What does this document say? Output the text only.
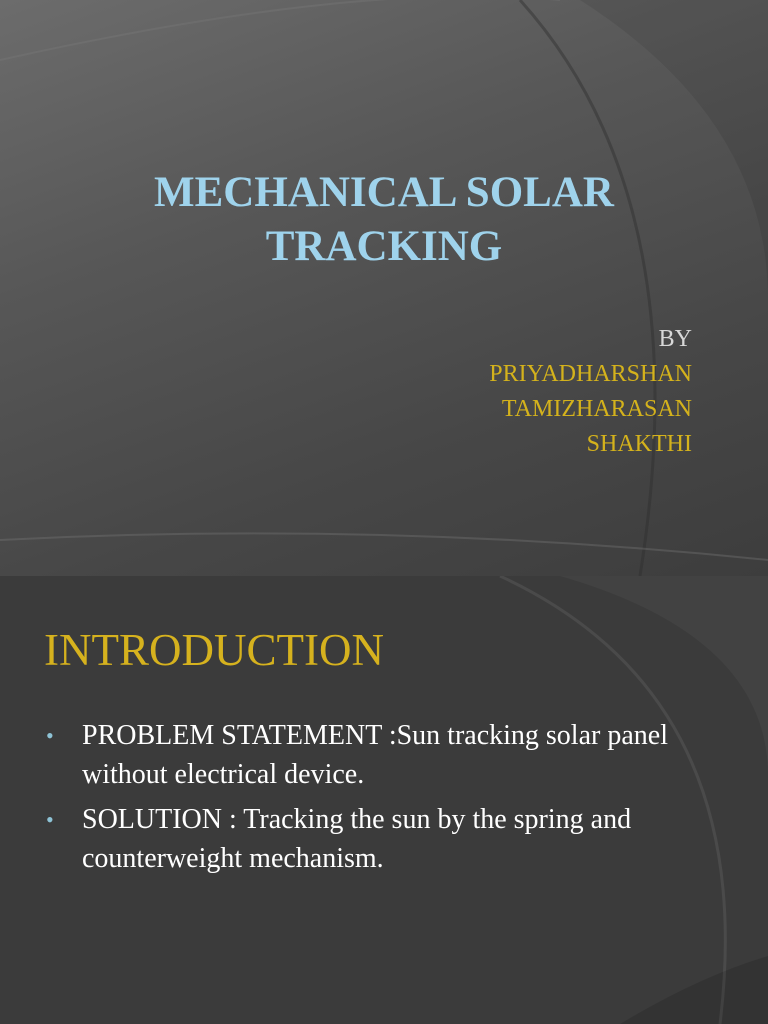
MECHANICAL SOLAR
TRACKING
BY
PRIYADHARSHAN
TAMIZHARASAN
SHAKTHI
INTRODUCTION
• PROBLEM STATEMENT :Sun tracking solar panel without electrical device.
• SOLUTION : Tracking the sun by the spring and counterweight mechanism.
